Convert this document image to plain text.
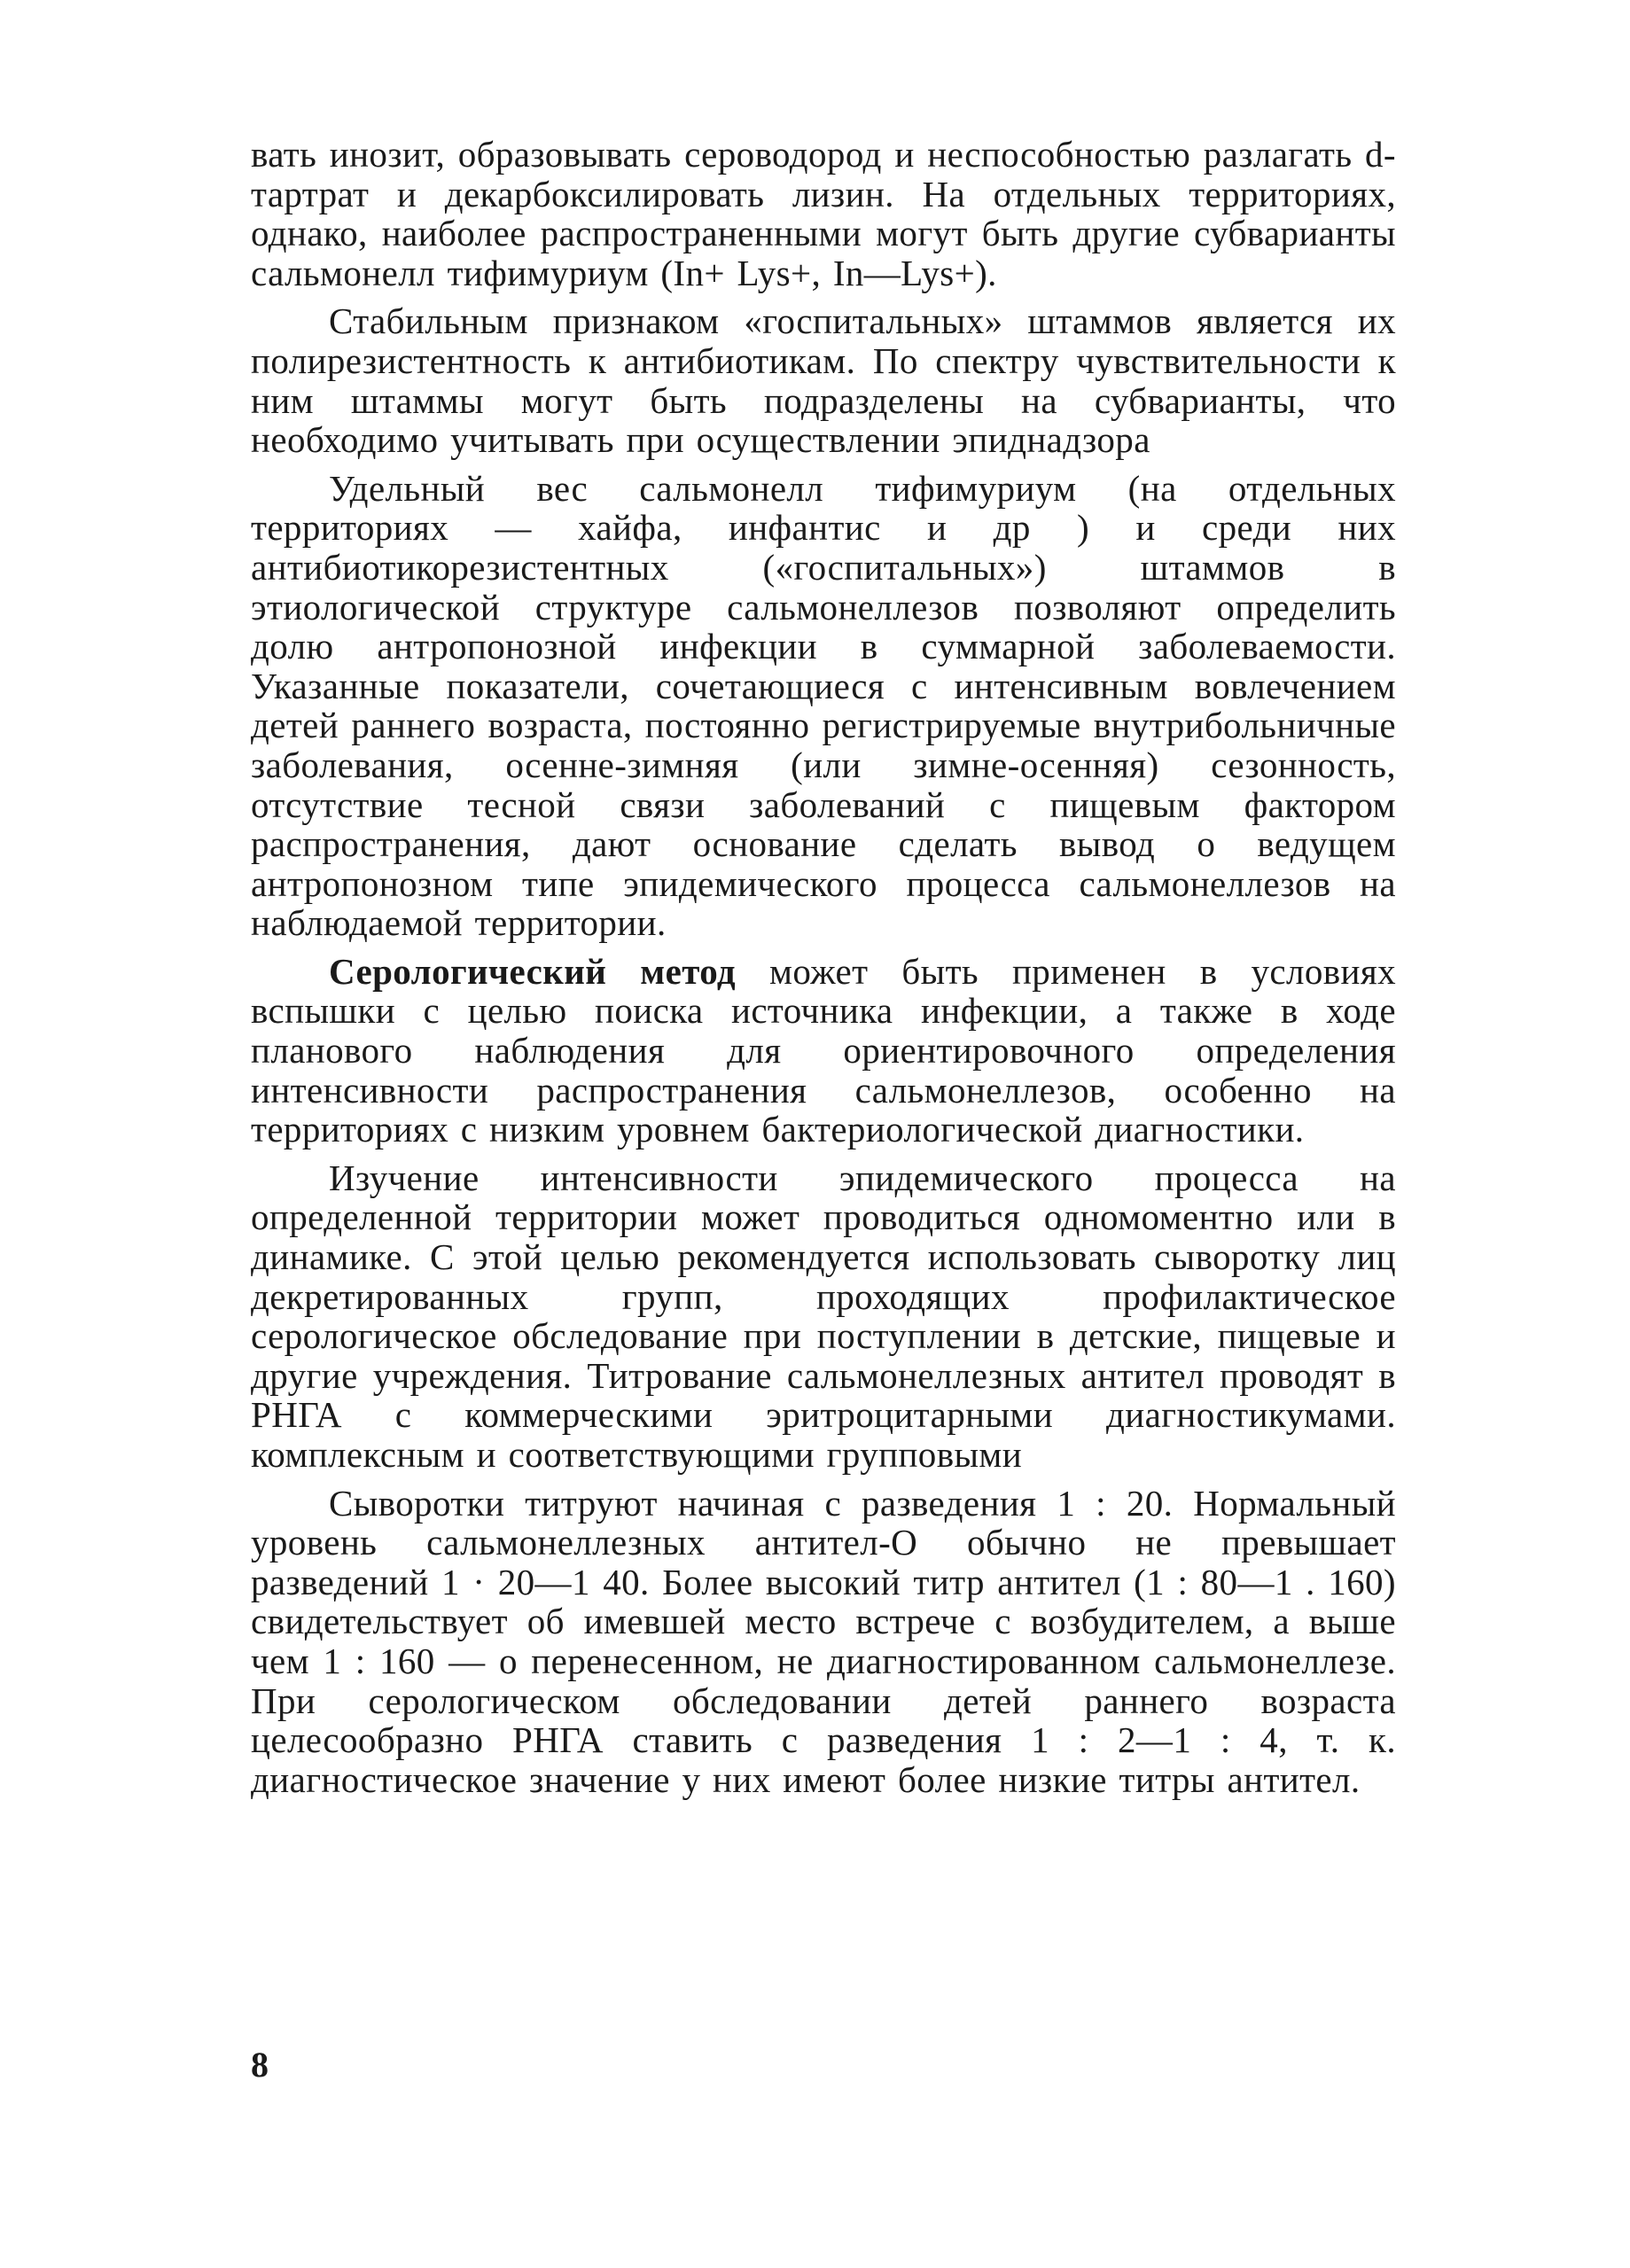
вать инозит, образовывать сероводород и неспособностью разлагать d-тартрат и декарбоксилировать лизин. На отдельных территориях, однако, наиболее распространенными могут быть другие субварианты сальмонелл тифимуриум (In+ Lys+, In—Lys+).

Стабильным признаком «госпитальных» штаммов является их полирезистентность к антибиотикам. По спектру чувствительности к ним штаммы могут быть подразделены на субварианты, что необходимо учитывать при осуществлении эпиднадзора

Удельный вес сальмонелл тифимуриум (на отдельных территориях — хайфа, инфантис и др ) и среди них антибиотикорезистентных («госпитальных») штаммов в этиологической структуре сальмонеллезов позволяют определить долю антропонозной инфекции в суммарной заболеваемости. Указанные показатели, сочетающиеся с интенсивным вовлечением детей раннего возраста, постоянно регистрируемые внутрибольничные заболевания, осенне-зимняя (или зимне-осенняя) сезонность, отсутствие тесной связи заболеваний с пищевым фактором распространения, дают основание сделать вывод о ведущем антропонозном типе эпидемического процесса сальмонеллезов на наблюдаемой территории.

Серологический метод может быть применен в условиях вспышки с целью поиска источника инфекции, а также в ходе планового наблюдения для ориентировочного определения интенсивности распространения сальмонеллезов, особенно на территориях с низким уровнем бактериологической диагностики.

Изучение интенсивности эпидемического процесса на определенной территории может проводиться одномоментно или в динамике. С этой целью рекомендуется использовать сыворотку лиц декретированных групп, проходящих профилактическое серологическое обследование при поступлении в детские, пищевые и другие учреждения. Титрование сальмонеллезных антител проводят в РНГА с коммерческими эритроцитарными диагностикумами. комплексным и соответствующими групповыми

Сыворотки титруют начиная с разведения 1 : 20. Нормальный уровень сальмонеллезных антител-О обычно не превышает разведений 1 · 20—1 40. Более высокий титр антител (1 : 80—1 . 160) свидетельствует об имевшей место встрече с возбудителем, а выше чем 1 : 160 — о перенесенном, не диагностированном сальмонеллезе. При серологическом обследовании детей раннего возраста целесообразно РНГА ставить с разведения 1 : 2—1 : 4, т. к. диагностическое значение у них имеют более низкие титры антител.

8
